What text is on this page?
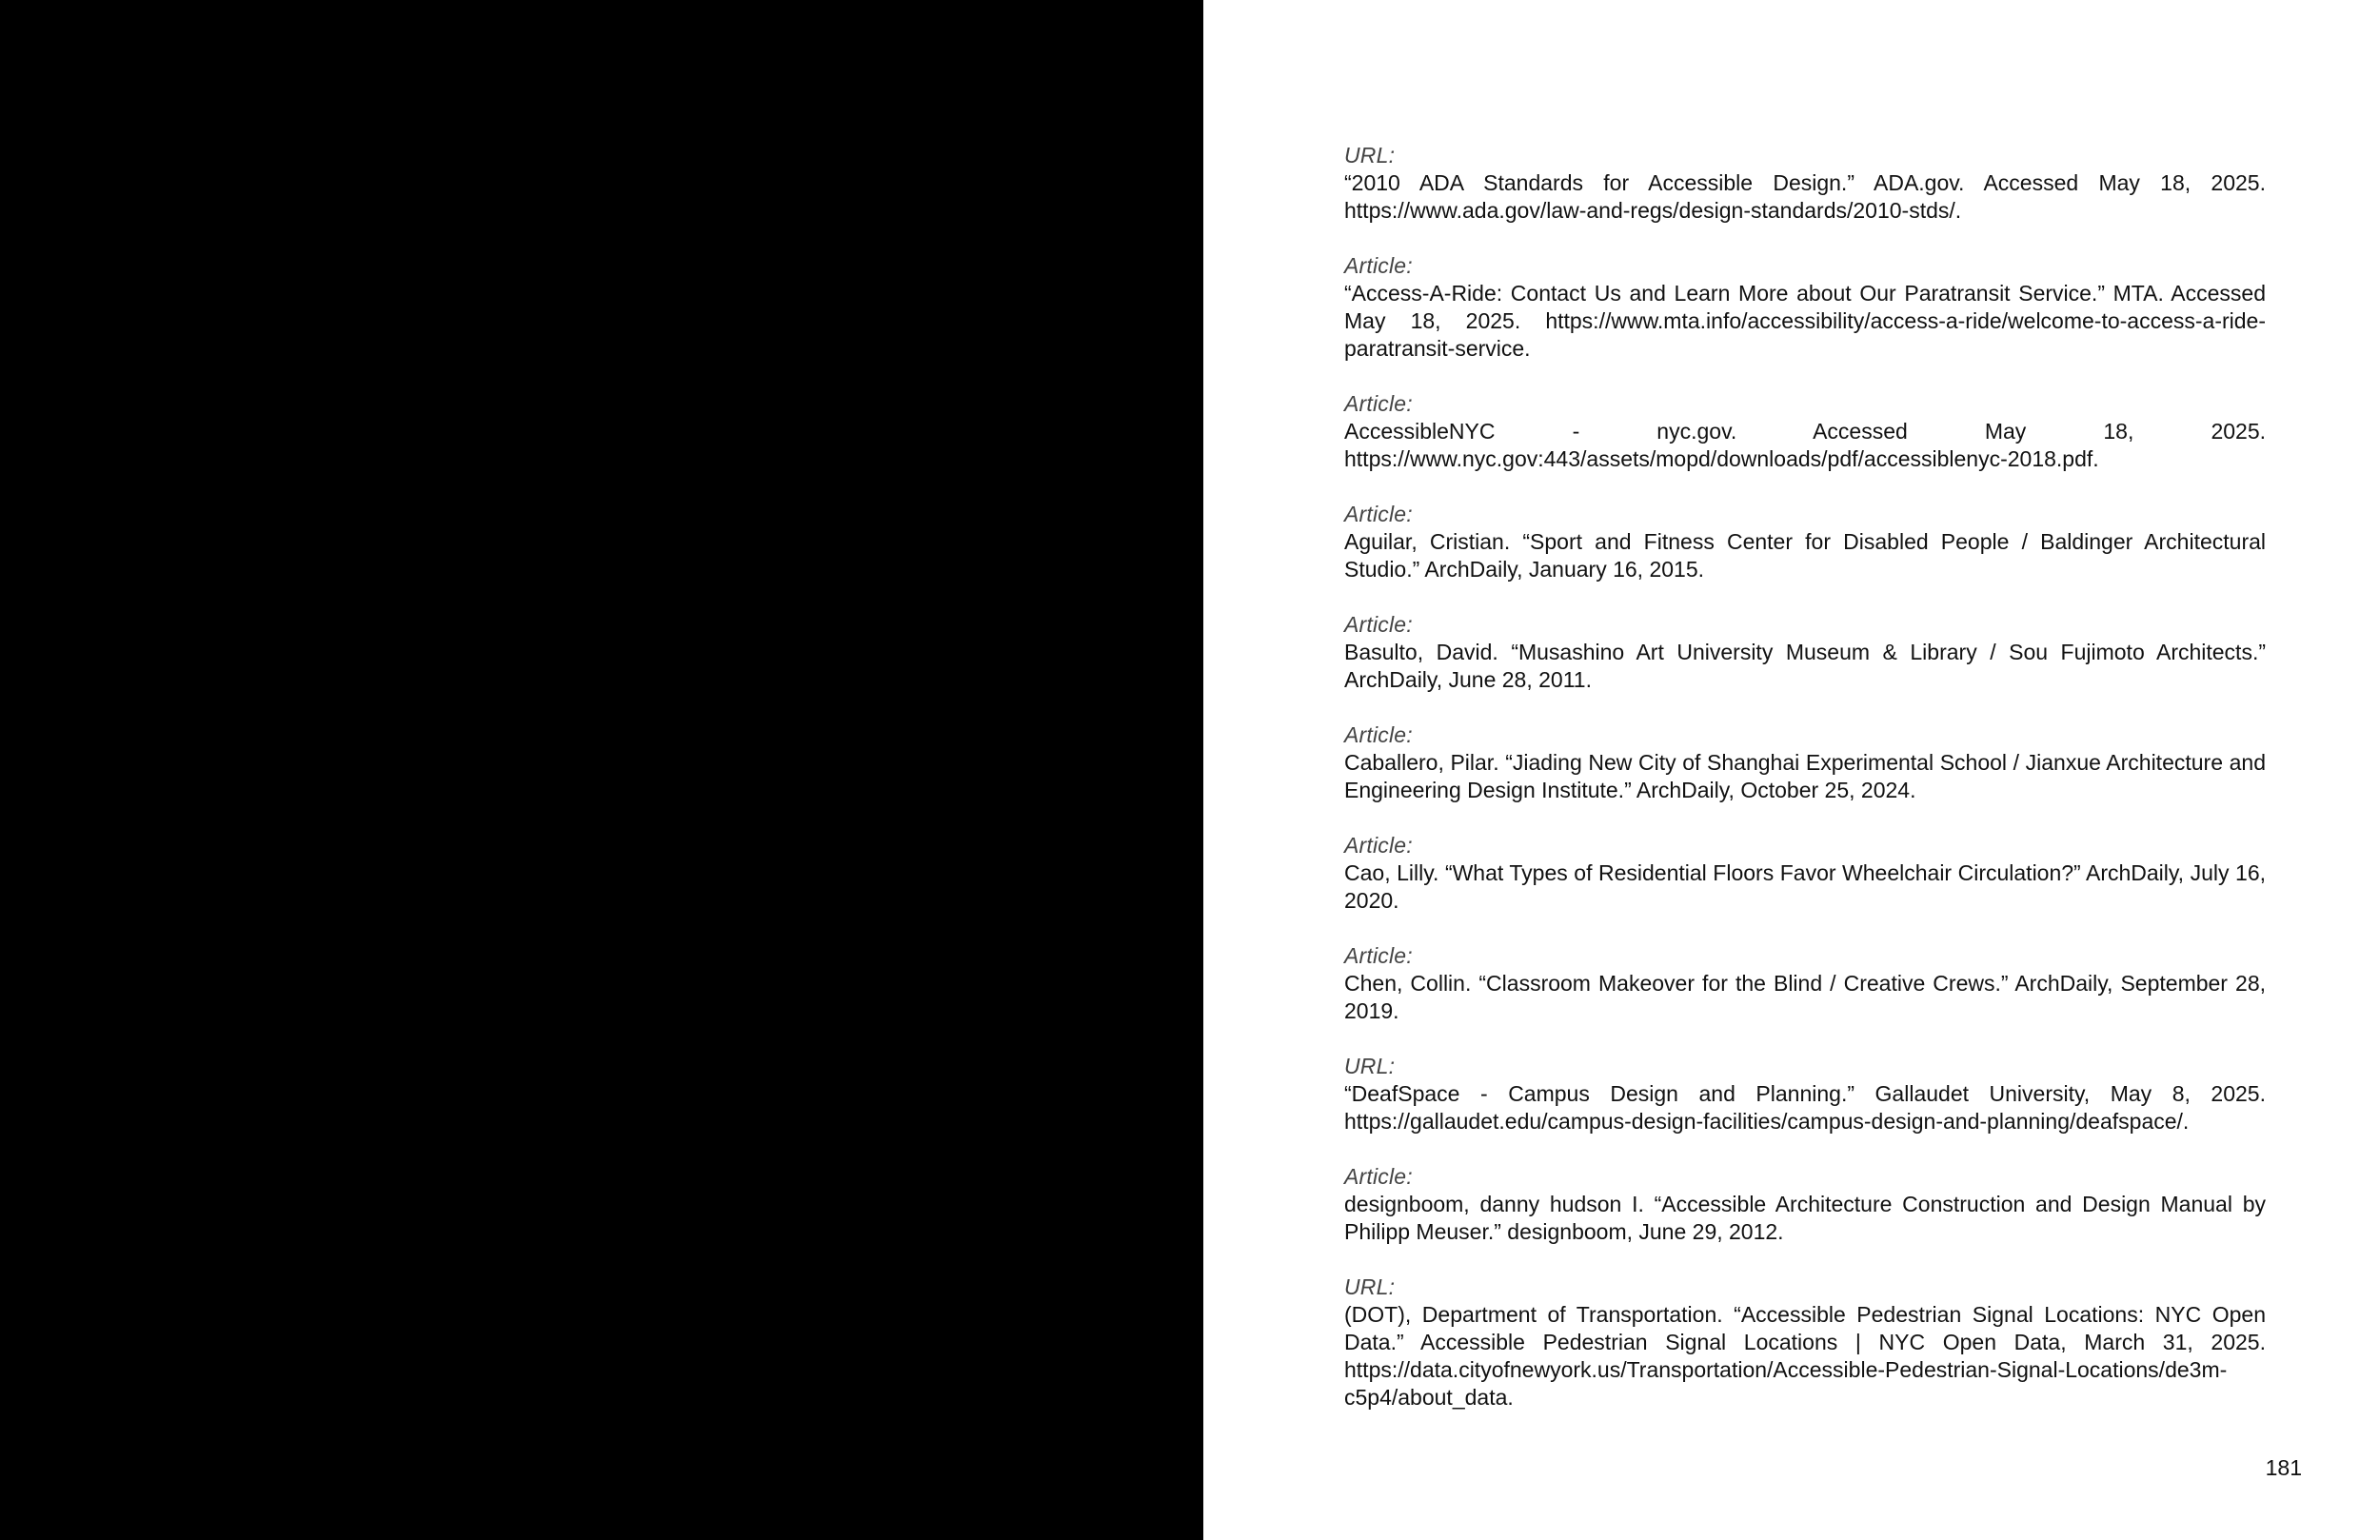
URL:
“2010 ADA Standards for Accessible Design.” ADA.gov. Accessed May 18, 2025. https://www.ada.gov/law-and-regs/design-standards/2010-stds/.
Article:
“Access-A-Ride: Contact Us and Learn More about Our Paratransit Service.” MTA. Accessed May 18, 2025. https://www.mta.info/accessibility/access-a-ride/welcome-to-access-a-ride-paratransit-service.
Article:
AccessibleNYC - nyc.gov. Accessed May 18, 2025. https://www.nyc.gov:443/assets/mopd/downloads/pdf/accessiblenyc-2018.pdf.
Article:
Aguilar, Cristian. “Sport and Fitness Center for Disabled People / Baldinger Architectural Studio.” ArchDaily, January 16, 2015.
Article:
Basulto, David. “Musashino Art University Museum & Library / Sou Fujimoto Architects.” ArchDaily, June 28, 2011.
Article:
Caballero, Pilar. “Jiading New City of Shanghai Experimental School / Jianxue Architecture and Engineering Design Institute.” ArchDaily, October 25, 2024.
Article:
Cao, Lilly. “What Types of Residential Floors Favor Wheelchair Circulation?” ArchDaily, July 16, 2020.
Article:
Chen, Collin. “Classroom Makeover for the Blind / Creative Crews.” ArchDaily, September 28, 2019.
URL:
“DeafSpace - Campus Design and Planning.” Gallaudet University, May 8, 2025. https://gallaudet.edu/campus-design-facilities/campus-design-and-planning/deafspace/.
Article:
designboom, danny hudson I. “Accessible Architecture Construction and Design Manual by Philipp Meuser.” designboom, June 29, 2012.
URL:
(DOT), Department of Transportation. “Accessible Pedestrian Signal Locations: NYC Open Data.” Accessible Pedestrian Signal Locations | NYC Open Data, March 31, 2025. https://data.cityofnewyork.us/Transportation/Accessible-Pedestrian-Signal-Locations/de3m-c5p4/about_data.
181
